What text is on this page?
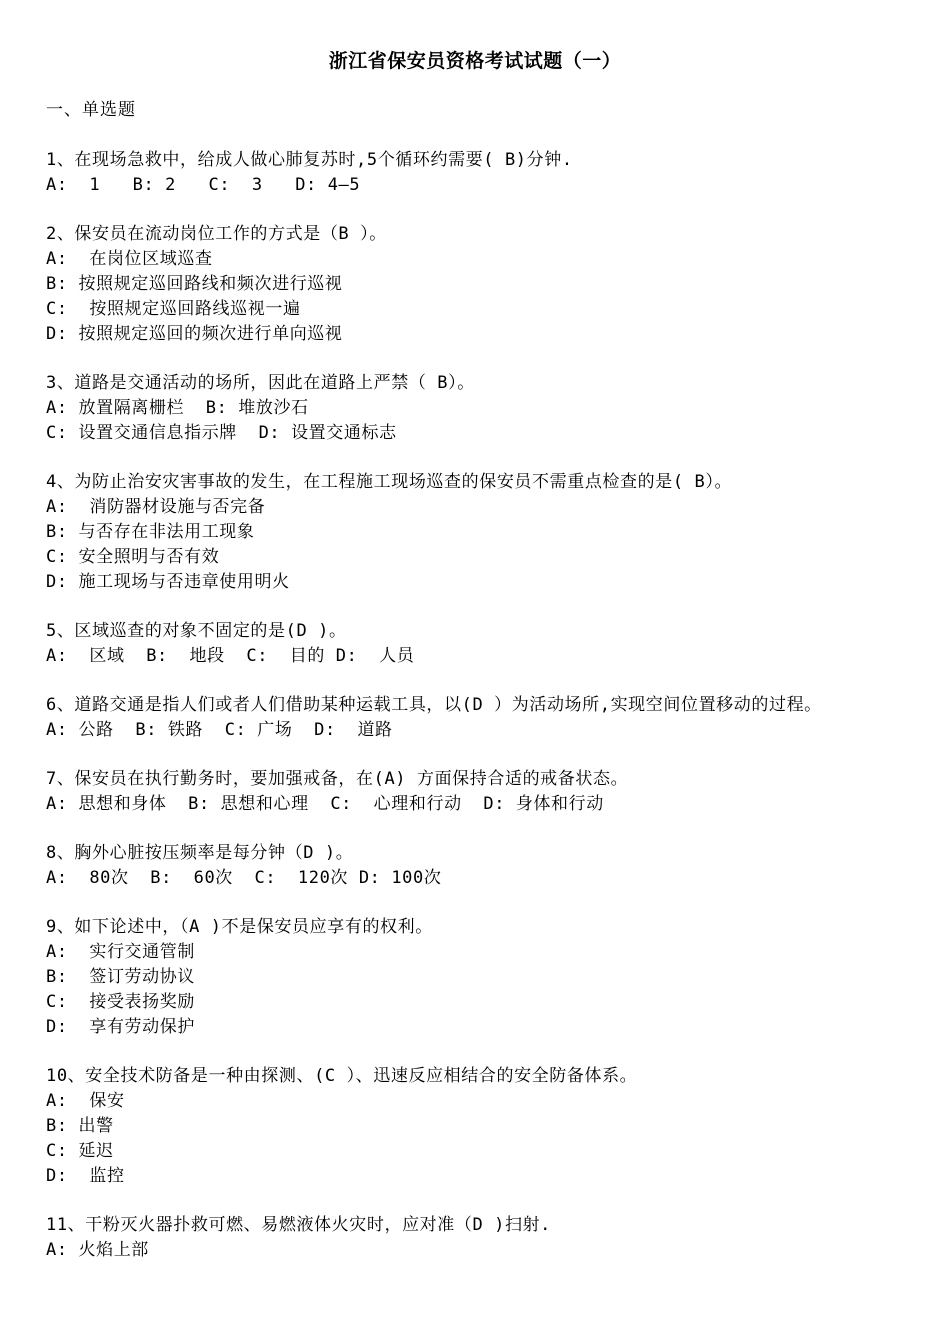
浙江省保安员资格考试试题（一）
一、单选题
1、在现场急救中，给成人做心肺复苏时,5个循环约需要( B)分钟.
A:  1   B: 2   C:  3   D: 4—5
2、保安员在流动岗位工作的方式是（B ）。
A:  在岗位区域巡查
B: 按照规定巡回路线和频次进行巡视
C:  按照规定巡回路线巡视一遍
D: 按照规定巡回的频次进行单向巡视
3、道路是交通活动的场所，因此在道路上严禁（ B）。
A: 放置隔离栅栏  B: 堆放沙石
C: 设置交通信息指示牌  D: 设置交通标志
4、为防止治安灾害事故的发生，在工程施工现场巡查的保安员不需重点检查的是( B）。
A:  消防器材设施与否完备
B: 与否存在非法用工现象
C: 安全照明与否有效
D: 施工现场与否违章使用明火
5、区域巡查的对象不固定的是(D )。
A:  区域  B:  地段  C:  目的 D:  人员
6、道路交通是指人们或者人们借助某种运载工具，以(D ）为活动场所,实现空间位置移动的过程。
A: 公路  B: 铁路  C: 广场  D:  道路
7、保安员在执行勤务时，要加强戒备，在(A) 方面保持合适的戒备状态。
A: 思想和身体  B: 思想和心理  C:  心理和行动  D: 身体和行动
8、胸外心脏按压频率是每分钟（D )。
A:  80次  B:  60次  C:  120次 D: 100次
9、如下论述中，（A )不是保安员应享有的权利。
A:  实行交通管制
B:  签订劳动协议
C:  接受表扬奖励
D:  享有劳动保护
10、安全技术防备是一种由探测、(C ）、迅速反应相结合的安全防备体系。
A:  保安
B: 出警
C: 延迟
D:  监控
11、干粉灭火器扑救可燃、易燃液体火灾时，应对准（D )扫射.
A: 火焰上部
